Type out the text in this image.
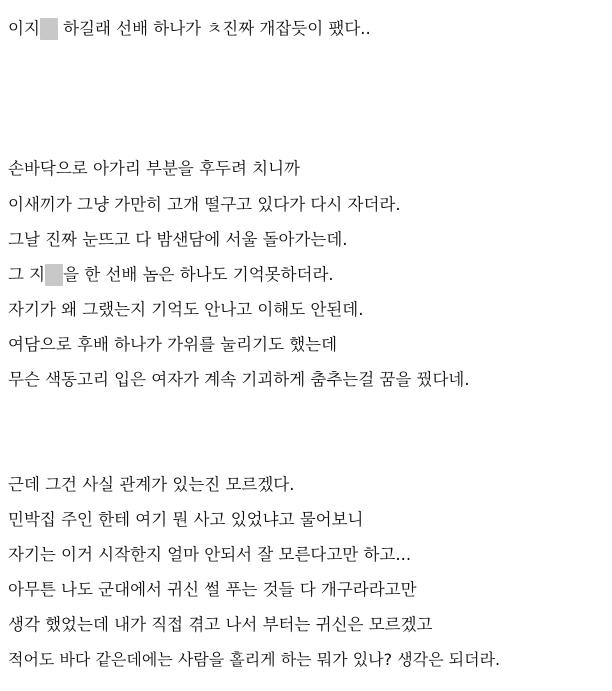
이지랄 하길래 선배 하나가 ㅊ진짜 개잡듯이 팼다..
손바닥으로 아가리 부분을 후두려 치니까
이새끼가 그냥 가만히 고개 떨구고 있다가 다시 자더라.
그날 진짜 눈뜨고 다 밤샌담에 서울 돌아가는데.
그 지랄을 한 선배 놈은 하나도 기억못하더라.
자기가 왜 그랬는지 기억도 안나고 이해도 안된데.
여담으로 후배 하나가 가위를 눌리기도 했는데
무슨 색동고리 입은 여자가 계속 기괴하게 춤추는걸 꿈을 꿨다네.
근데 그건 사실 관계가 있는진 모르겠다.
민박집 주인 한테 여기 뭔 사고 있었냐고 물어보니
자기는 이거 시작한지 얼마 안되서 잘 모른다고만 하고...
아무튼 나도 군대에서 귀신 썰 푸는 것들 다 개구라라고만
생각 했었는데 내가 직접 겪고 나서 부터는 귀신은 모르겠고
적어도 바다 같은데에는 사람을 홀리게 하는 뭐가 있나? 생각은 되더라.
